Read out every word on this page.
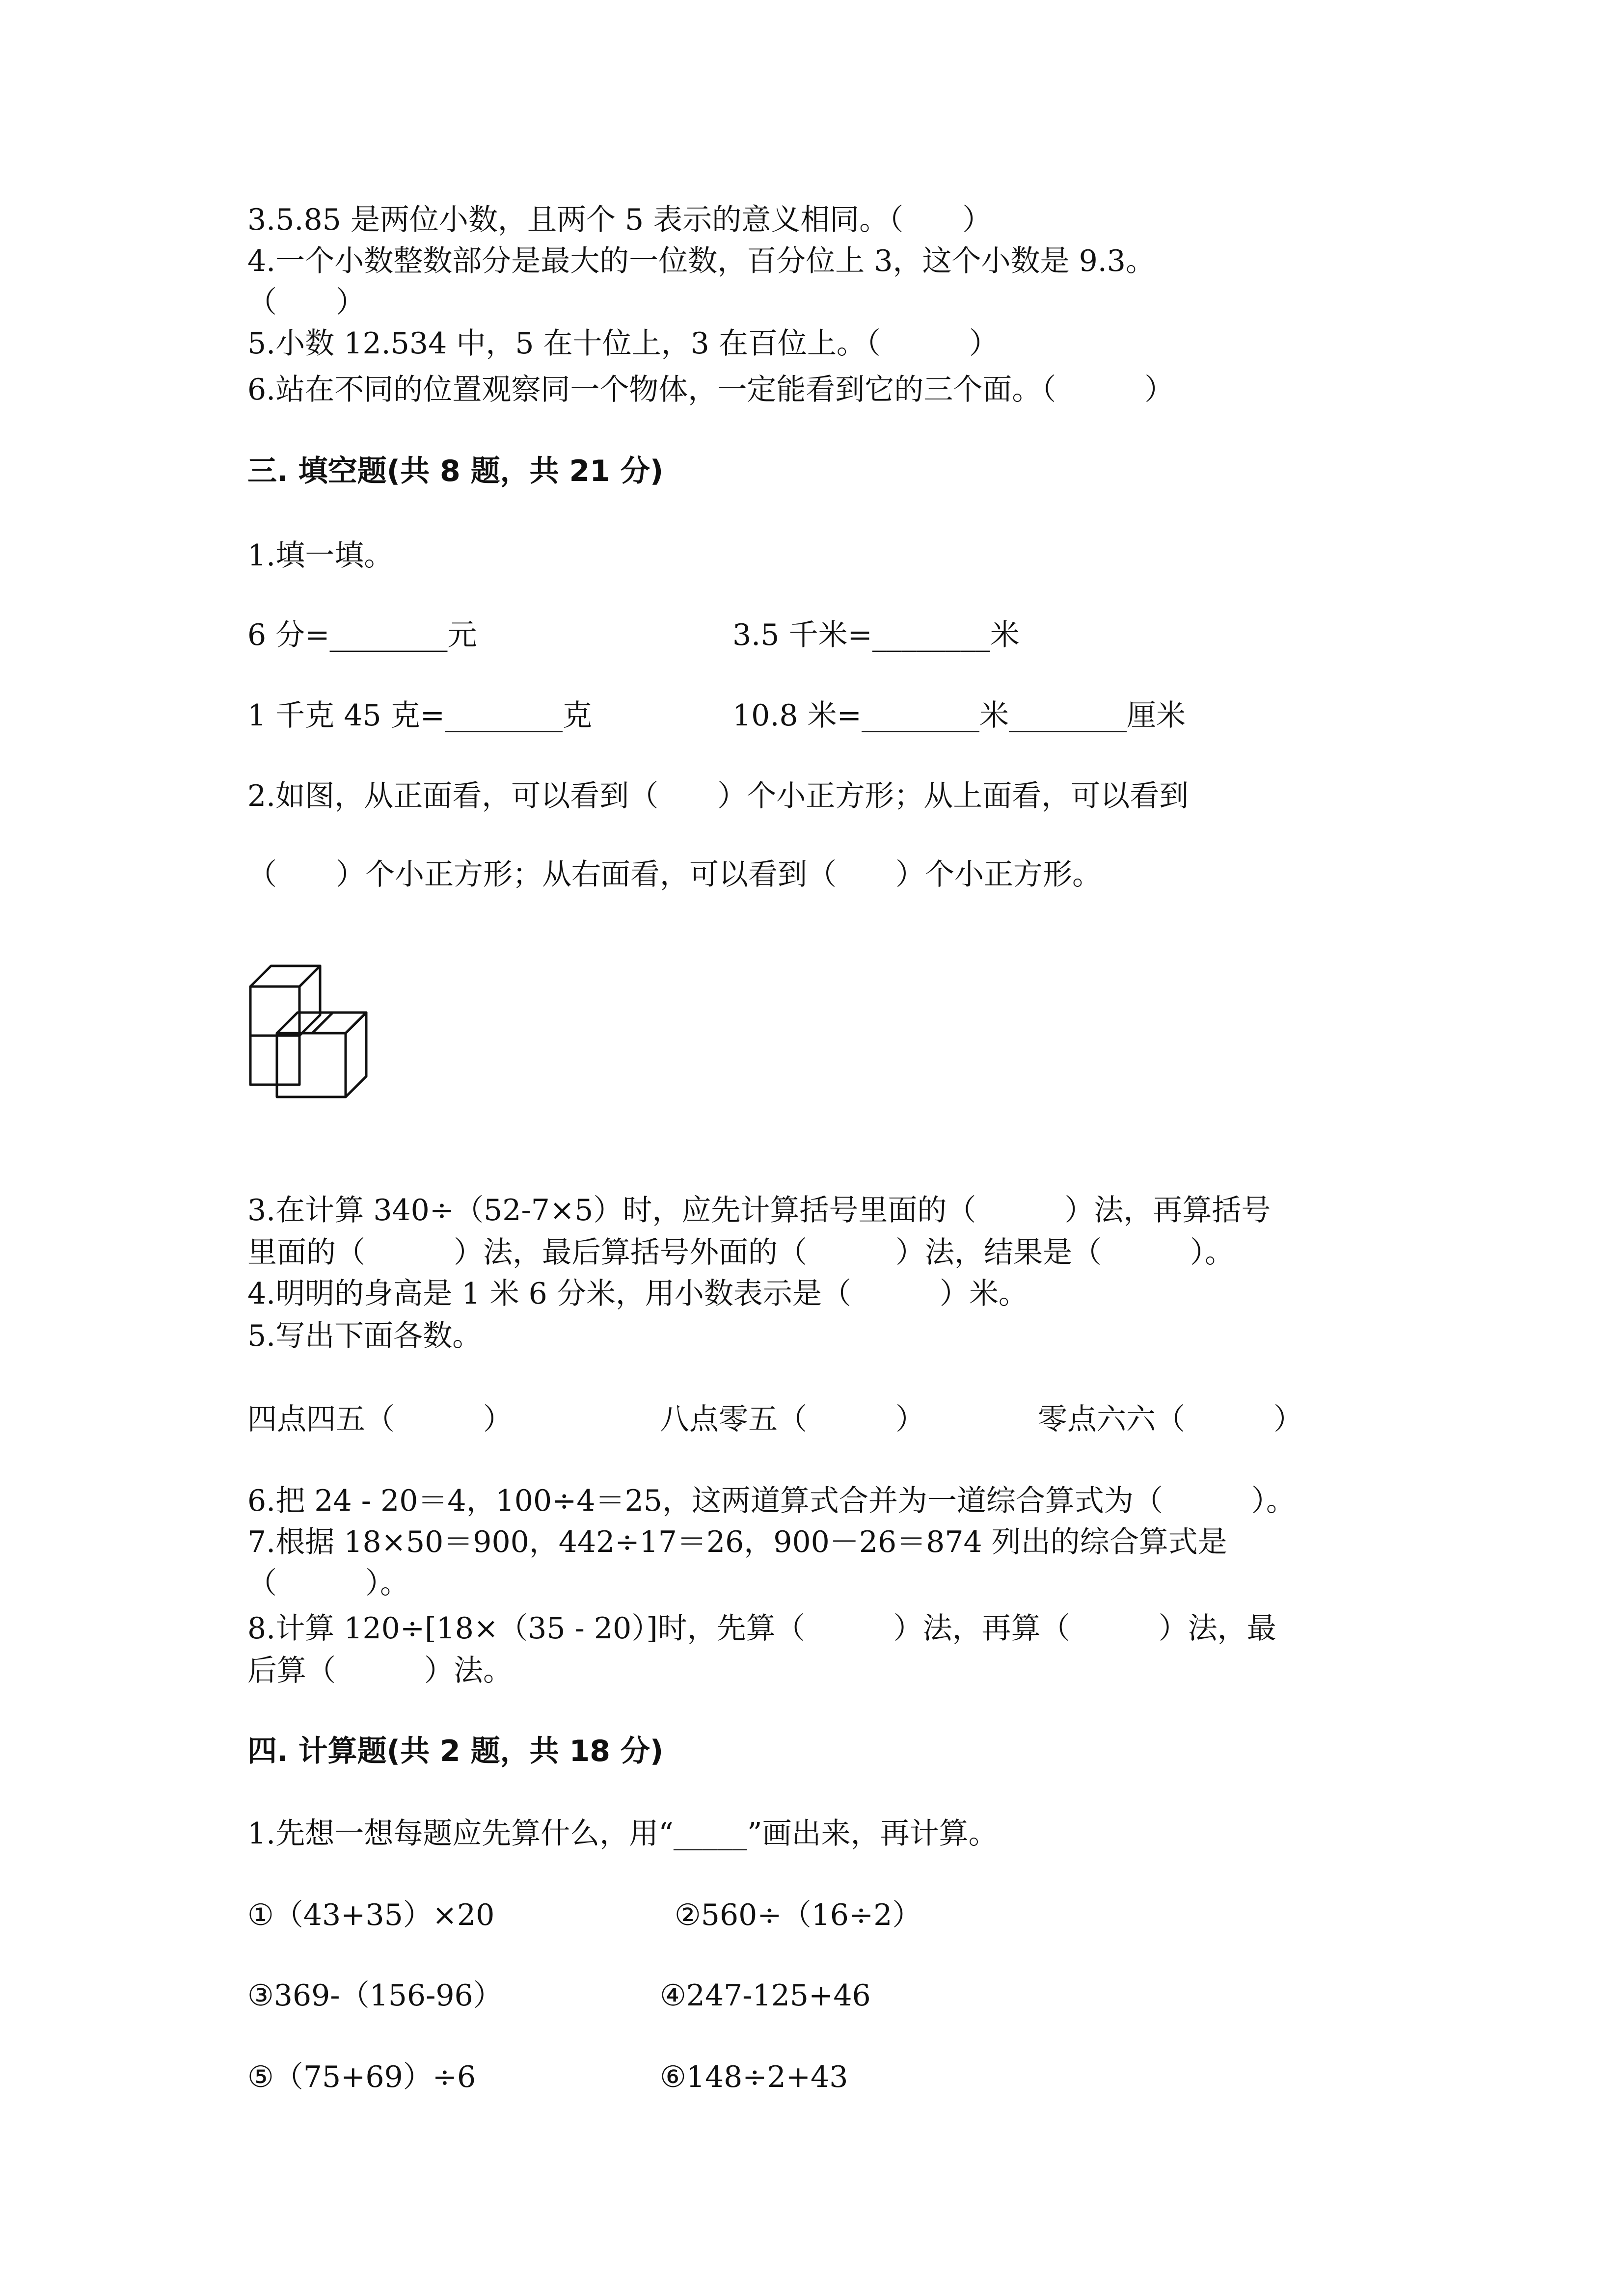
3.5.85 是两位小数，且两个 5 表示的意义相同。（　　）
4.一个小数整数部分是最大的一位数，百分位上 3，这个小数是 9.3。
（　　）
5.小数 12.534 中，5 在十位上，3 在百位上。（　　　）
6.站在不同的位置观察同一个物体，一定能看到它的三个面。（　　　）
三. 填空题(共 8 题，共 21 分)
1.填一填。
6 分=________元	3.5 千米=________米
1 千克 45 克=________克	10.8 米=________米________厘米
2.如图，从正面看，可以看到（　　）个小正方形；从上面看，可以看到
（　　）个小正方形；从右面看，可以看到（　　）个小正方形。
3.在计算 340÷（52-7×5）时，应先计算括号里面的（　　　）法，再算括号
里面的（　　　）法，最后算括号外面的（　　　）法，结果是（　　　）。
4.明明的身高是 1 米 6 分米，用小数表示是（　　　）米。
5.写出下面各数。
四点四五（　　　）	八点零五（　　　）	零点六六（　　　）
6.把 24 - 20＝4，100÷4＝25，这两道算式合并为一道综合算式为（　　　）。
7.根据 18×50＝900，442÷17＝26，900－26＝874 列出的综合算式是
（　　　）。
8.计算 120÷[18×（35 - 20）]时，先算（　　　）法，再算（　　　）法，最
后算（　　　）法。
四. 计算题(共 2 题，共 18 分)
1.先想一想每题应先算什么，用“_____”画出来，再计算。
①（43+35）×20	②560÷（16÷2）
③369-（156-96）	④247-125+46
⑤（75+69）÷6	⑥148÷2+43
